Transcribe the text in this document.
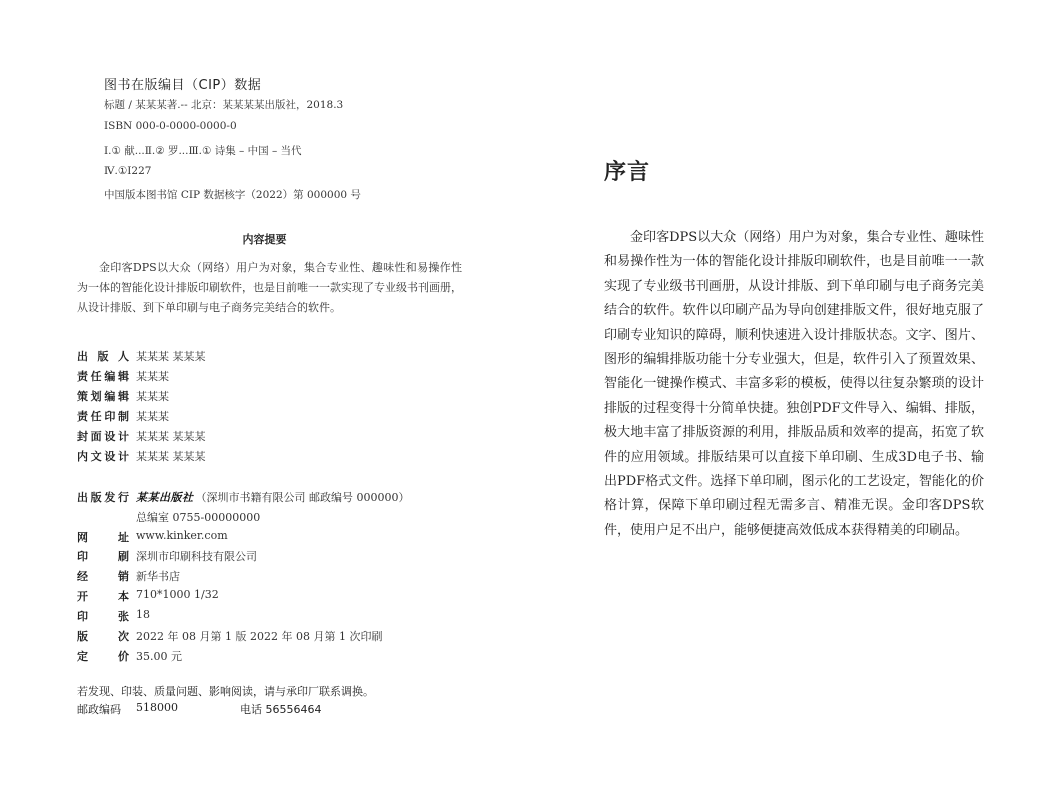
图书在版编目（CIP）数据
标题 / 某某某著.-- 北京：某某某某出版社，2018.3
ISBN 000-0-0000-0000-0
Ⅰ.① 献...Ⅱ.② 罗...Ⅲ.① 诗集 – 中国 – 当代
Ⅳ.①I227
中国版本图书馆 CIP 数据核字（2022）第 000000 号
内容提要
金印客DPS以大众（网络）用户为对象，集合专业性、趣味性和易操作性为一体的智能化设计排版印刷软件，也是目前唯一一款实现了专业级书刊画册，从设计排版、到下单印刷与电子商务完美结合的软件。
出版人 某某某 某某某
责任编辑 某某某
策划编辑 某某某
责任印制 某某某
封面设计 某某某 某某某
内文设计 某某某 某某某
出版发行 某某出版社 （深圳市书籍有限公司 邮政编号 000000）
总编室 0755-00000000
网址 www.kinker.com
印刷 深圳市印刷科技有限公司
经销 新华书店
开本 710*1000 1/32
印张 18
版次 2022 年 08 月第 1 版 2022 年 08 月第 1 次印刷
定价 35.00 元
若发现、印装、质量问题、影响阅读，请与承印厂联系调换。
邮政编码 518000	电话 56556464
序言
金印客DPS以大众（网络）用户为对象，集合专业性、趣味性和易操作性为一体的智能化设计排版印刷软件，也是目前唯一一款实现了专业级书刊画册，从设计排版、到下单印刷与电子商务完美结合的软件。软件以印刷产品为导向创建排版文件，很好地克服了印刷专业知识的障碍，顺利快速进入设计排版状态。文字、图片、图形的编辑排版功能十分专业强大，但是，软件引入了预置效果、智能化一键操作模式、丰富多彩的模板，使得以往复杂繁琐的设计排版的过程变得十分简单快捷。独创PDF文件导入、编辑、排版，极大地丰富了排版资源的利用，排版品质和效率的提高，拓宽了软件的应用领域。排版结果可以直接下单印刷、生成3D电子书、输出PDF格式文件。选择下单印刷，图示化的工艺设定，智能化的价格计算，保障下单印刷过程无需多言、精准无误。金印客DPS软件，使用户足不出户，能够便捷高效低成本获得精美的印刷品。
